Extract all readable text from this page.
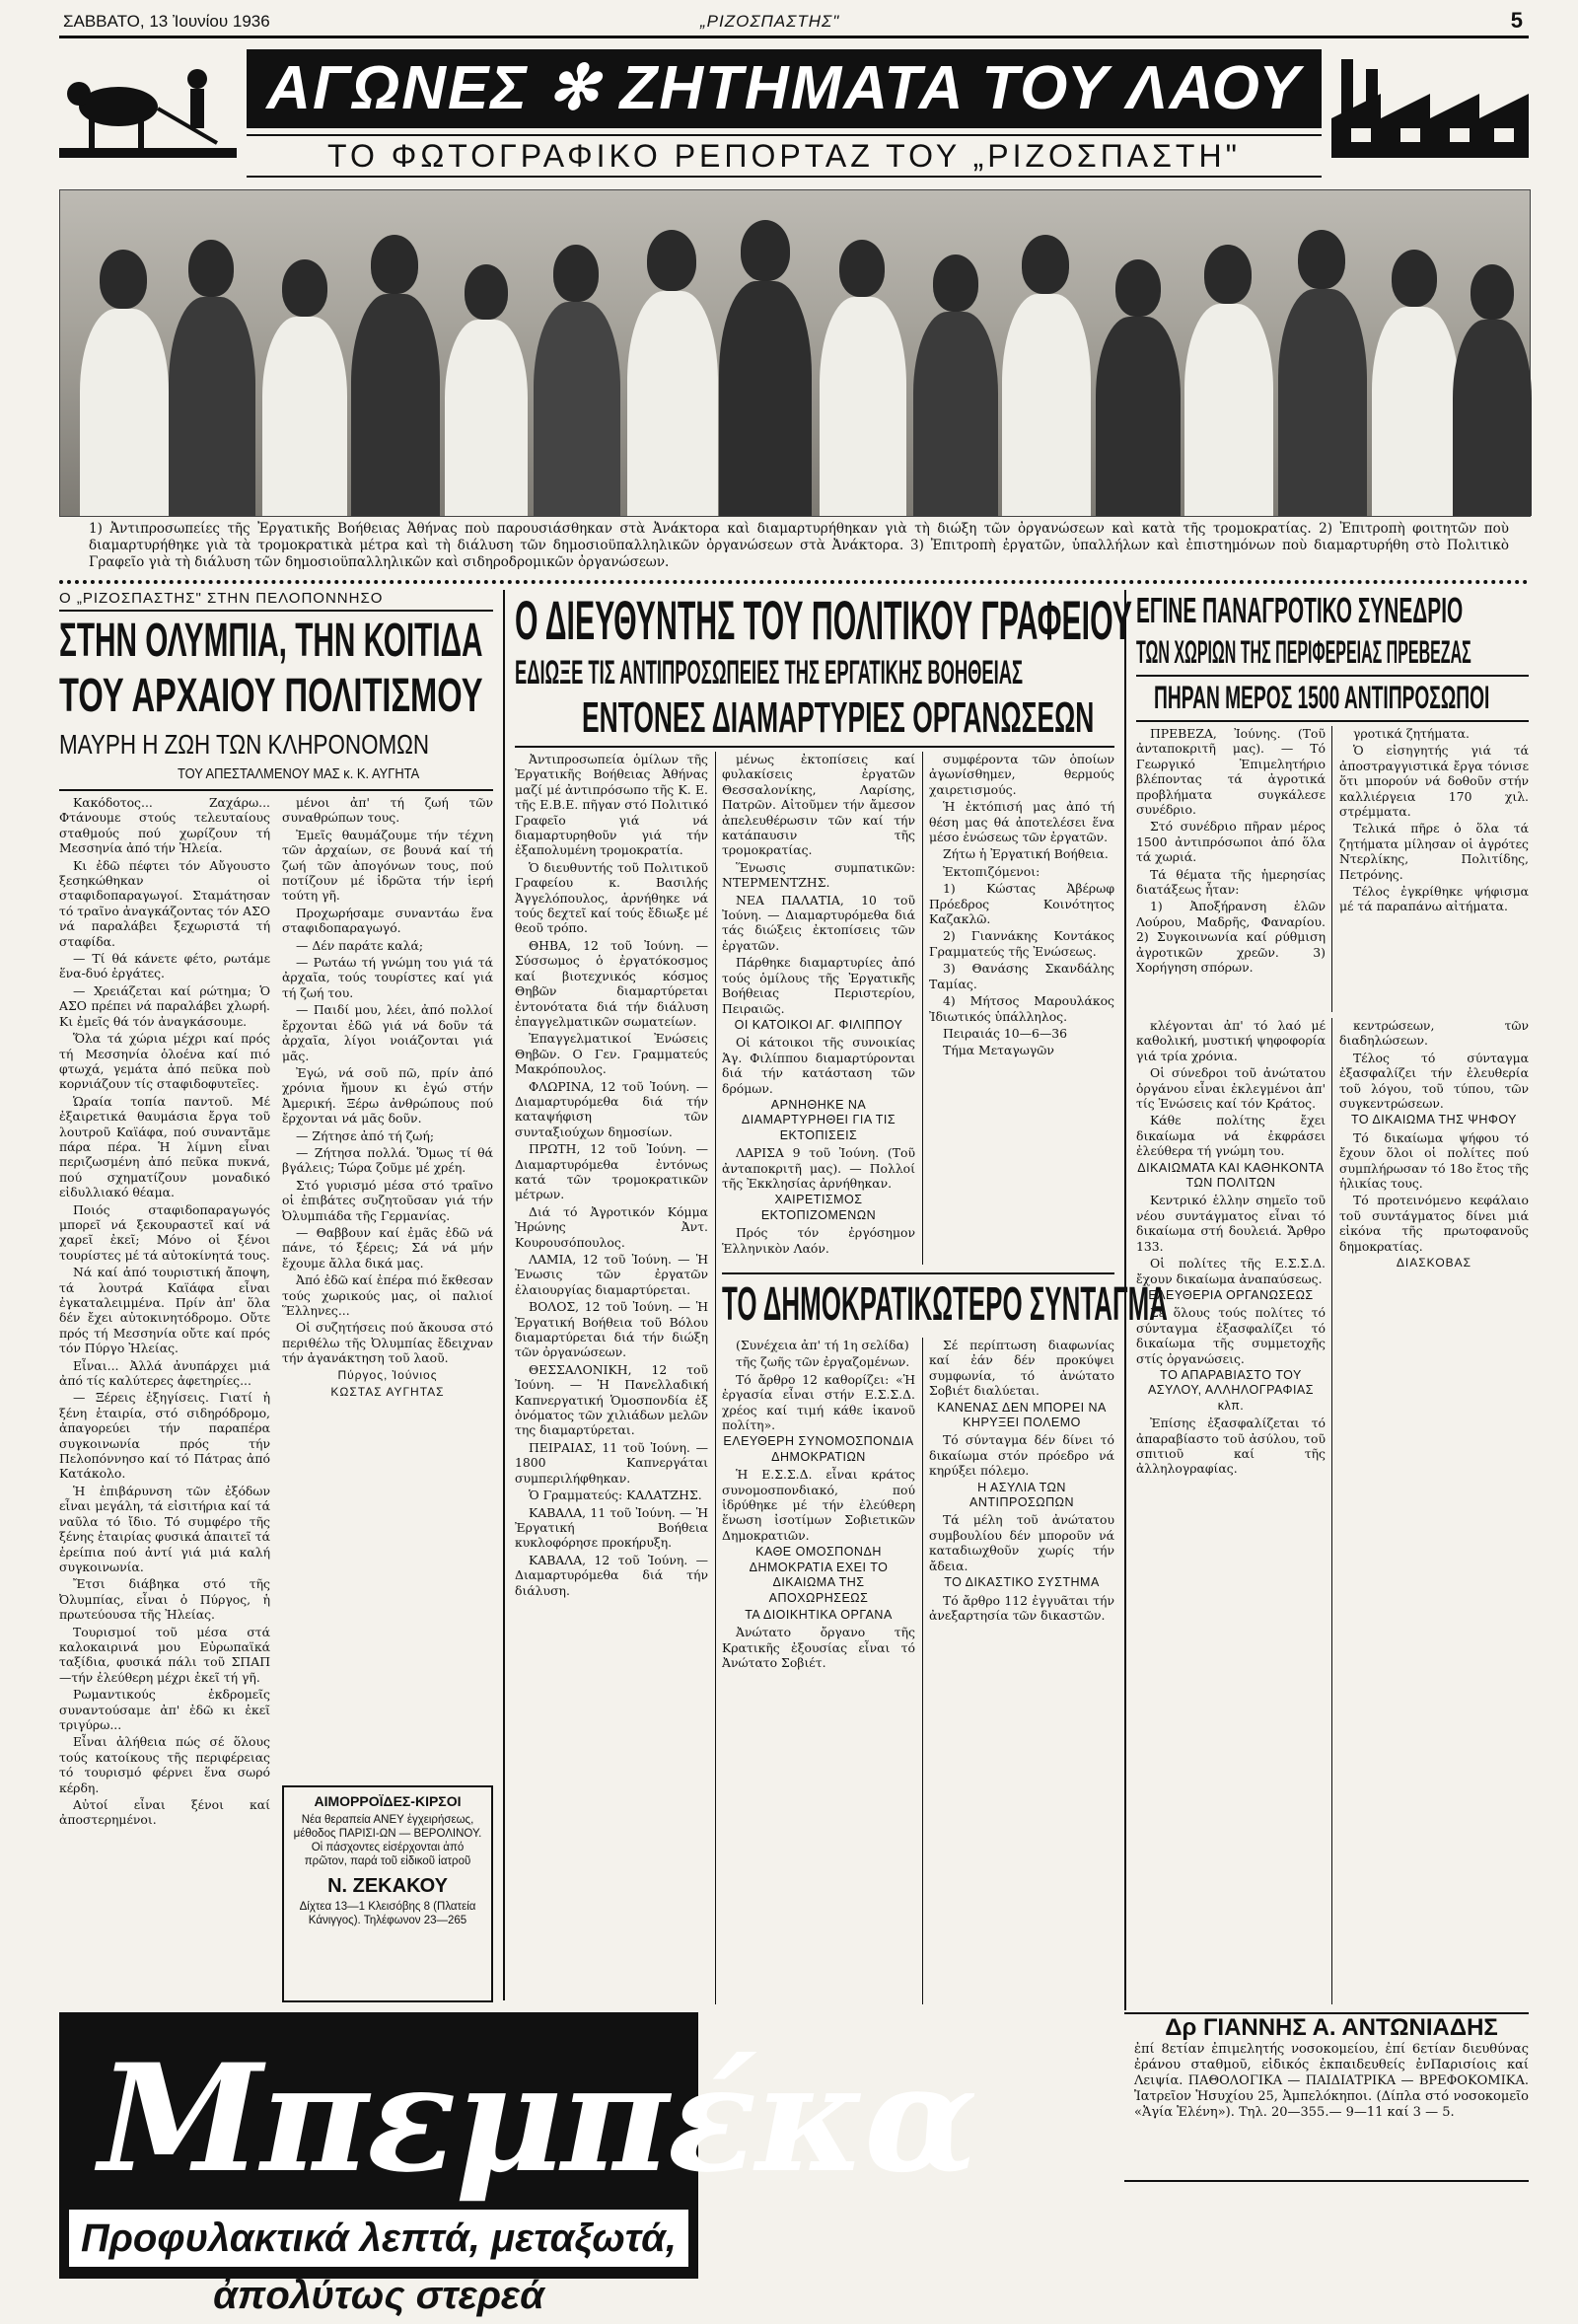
ΣΑΒΒΑΤΟ, 13 Ἰουνίου 1936	„ΡΙΖΟΣΠΑΣΤΗΣ"	5
ΑΓΩΝΕΣ ✻ ΖΗΤΗΜΑΤΑ ΤΟΥ ΛΑΟΥ
ΤΟ ΦΩΤΟΓΡΑΦΙΚΟ ΡΕΠΟΡΤΑΖ ΤΟΥ „ΡΙΖΟΣΠΑΣΤΗ"
1) Ἀντιπροσωπείες τῆς Ἐργατικῆς Βοήθειας Ἀθήνας ποὺ παρουσιάσθηκαν στὰ Ἀνάκτορα καὶ διαμαρτυρήθηκαν γιὰ τὴ διώξη τῶν ὀργανώσεων καὶ κατὰ τῆς τρομοκρατίας. 2) Ἐπιτροπὴ φοιτητῶν ποὺ διαμαρτυρήθηκε γιὰ τὰ τρομοκρατικὰ μέτρα καὶ τὴ διάλυση τῶν δημοσιοϋπαλληλικῶν ὀργανώσεων στὰ Ἀνάκτορα. 3) Ἐπιτροπὴ ἐργατῶν, ὑπαλλήλων καὶ ἐπιστημόνων ποὺ διαμαρτυρήθη στὸ Πολιτικὸ Γραφεῖο γιὰ τὴ διάλυση τῶν δημοσιοϋπαλληλικῶν καὶ σιδηροδρομικῶν ὀργανώσεων.
Ο „ΡΙΖΟΣΠΑΣΤΗΣ" ΣΤΗΝ ΠΕΛΟΠΟΝΝΗΣΟ
ΣΤΗΝ ΟΛΥΜΠΙΑ, ΤΗΝ ΚΟΙΤΙΔΑ
ΤΟΥ ΑΡΧΑΙΟΥ ΠΟΛΙΤΙΣΜΟΥ
ΜΑΥΡΗ Η ΖΩΗ ΤΩΝ ΚΛΗΡΟΝΟΜΩΝ
ΤΟΥ ΑΠΕΣΤΑΛΜΕΝΟΥ ΜΑΣ κ. Κ. ΑΥΓΗΤΑ

Κακόδοτος... Ζαχάρω... Φτάνουμε στούς τελευταίους σταθμούς πού χωρίζουν τή Μεσσηνία ἀπό τήν Ἠλεία.

Κι ἐδῶ πέφτει τόν Αὔγουστο ξεσηκώθηκαν οἱ σταφιδοπαραγωγοί. Σταμάτησαν τό τραῖνο ἀναγκάζοντας τόν ΑΣΟ νά παραλάβει ξεχωριστά τή σταφίδα.

— Τί θά κάνετε φέτο, ρωτάμε ἕνα-δυό ἐργάτες.

— Χρειάζεται καί ρώτημα; Ὁ ΑΣΟ πρέπει νά παραλάβει χλωρή. Κι ἐμεῖς θά τόν ἀναγκάσουμε.

Ὅλα τά χώρια μέχρι καί πρός τή Μεσσηνία ὁλοένα καί πιό φτωχά, γεμάτα ἀπό πεῦκα ποὺ κορνιάζουν τίς σταφιδοφυτεῖες.

Ὡραία τοπία παντοῦ. Μέ ἐξαιρετικά θαυμάσια ἔργα τοῦ λουτροῦ Καϊάφα, πού συναντᾶμε πάρα πέρα. Ἡ λίμνη εἶναι περιζωσμένη ἀπό πεῦκα πυκνά, πού σχηματίζουν μοναδικό εἰδυλλιακό θέαμα.

Ποιός σταφιδοπαραγωγός μπορεῖ νά ξεκουραστεῖ καί νά χαρεῖ ἐκεῖ; Μόνο οἱ ξένοι τουρίστες μέ τά αὐτοκίνητά τους.

Νά καί ἀπό τουριστική ἄποψη, τά λουτρά Καϊάφα εἶναι ἐγκαταλειμμένα. Πρίν ἀπ' ὅλα δέν ἔχει αὐτοκινητόδρομο. Οὔτε πρός τή Μεσσηνία οὔτε καί πρός τόν Πύργο Ἠλείας.

Εἶναι... Ἀλλά ἀνυπάρχει μιά ἀπό τίς καλύτερες ἀφετηρίες...

— Ξέρεις ἐξηγίσεις. Γιατί ἡ ξένη ἑταιρία, στό σιδηρόδρομο, ἀπαγορεύει τήν παραπέρα συγκοινωνία πρός τήν Πελοπόννησο καί τό Πάτρας ἀπό Κατάκολο.

Ἡ ἐπιβάρυνση τῶν ἐξόδων εἶναι μεγάλη, τά εἰσιτήρια καί τά ναῦλα τό ἴδιο. Τό συμφέρο τῆς ξένης ἑταιρίας φυσικά ἀπαιτεῖ τά ἐρείπια πού ἀντί γιά μιά καλή συγκοινωνία.

Ἔτσι διάβηκα στό τῆς Ὀλυμπίας, εἶναι ὁ Πύργος, ἡ πρωτεύουσα τῆς Ἠλείας.

Τουρισμοί τοῦ μέσα στά καλοκαιρινά μου Εὐρωπαϊκά ταξίδια, φυσικά πάλι τοῦ ΣΠΑΠ —τήν ἐλεύθερη μέχρι ἐκεῖ τή γῆ.

Ρωμαντικούς ἐκδρομεῖς συναντούσαμε ἀπ' ἐδῶ κι ἐκεῖ τριγύρω...

Εἶναι ἀλήθεια πώς σέ ὅλους τούς κατοίκους τῆς περιφέρειας τό τουρισμό φέρνει ἕνα σωρό κέρδη.

Αὐτοί εἶναι ξένοι καί ἀποστερημένοι.

μένοι ἀπ' τή ζωή τῶν συναθρώπων τους.

Ἐμεῖς θαυμάζουμε τήν τέχνη τῶν ἀρχαίων, σε βουνά καί τή ζωή τῶν ἀπογόνων τους, πού ποτίζουν μέ ἱδρῶτα τήν ἱερή τούτη γῆ.

Προχωρήσαμε συναντάω ἕνα σταφιδοπαραγωγό.

— Δέν παράτε καλά;

— Ρωτάω τή γνώμη του γιά τά ἀρχαῖα, τούς τουρίστες καί γιά τή ζωή του.

— Παιδί μου, λέει, ἀπό πολλοί ἔρχονται ἐδῶ γιά νά δοῦν τά ἀρχαῖα, λίγοι νοιάζονται γιά μᾶς.

Ἐγώ, νά σοῦ πῶ, πρίν ἀπό χρόνια ἤμουν κι ἐγώ στήν Ἀμερική. Ξέρω ἀνθρώπους πού ἔρχονται νά μᾶς δοῦν.

— Ζήτησε ἀπό τή ζωή;

— Ζήτησα πολλά. Ὅμως τί θά βγάλεις; Τώρα ζοῦμε μέ χρέη.

Στό γυρισμό μέσα στό τραῖνο οἱ ἐπιβάτες συζητοῦσαν γιά τήν Ὀλυμπιάδα τῆς Γερμανίας.

— Θαββουν καί ἐμᾶς ἐδῶ νά πάνε, τό ξέρεις; Σά νά μήν ἔχουμε ἄλλα δικά μας.

Ἀπό ἐδῶ καί ἐπέρα πιό ἔκθεσαν τούς χωρικούς μας, οἱ παλιοί Ἕλληνες...

Οἱ συζητήσεις πού ἄκουσα στό περιθέλω τῆς Ὀλυμπίας ἔδειχναν τήν ἀγανάκτηση τοῦ λαοῦ.

Πύργος, Ἰούνιος

ΚΩΣΤΑΣ ΑΥΓΗΤΑΣ

ΑΙΜΟΡΡΟΪΔΕΣ-ΚΙΡΣΟΙ
Νέα θεραπεία ΑΝΕΥ ἐγχειρήσεως, μέθοδος ΠΑΡΙΣΙ-ΩΝ — ΒΕΡΟΛΙΝΟΥ. Οἱ πάσχοντες εἰσέρχονται ἀπό πρῶτον, παρά τοῦ εἰδικοῦ ἰατροῦ
Ν. ΖΕΚΑΚΟΥ
Δίχτεα 13—1 Κλεισόβης 8 (Πλατεία Κάνιγγος). Τηλέφωνον 23—265
Μπεμπέκα
Προφυλακτικά λεπτά, μεταξωτά, ἀπολύτως στερεά
Ο ΔΙΕΥΘΥΝΤΗΣ ΤΟΥ ΠΟΛΙΤΙΚΟΥ ΓΡΑΦΕΙΟΥ
ΕΔΙΩΞΕ ΤΙΣ ΑΝΤΙΠΡΟΣΩΠΕΙΕΣ ΤΗΣ ΕΡΓΑΤΙΚΗΣ ΒΟΗΘΕΙΑΣ
ΕΝΤΟΝΕΣ ΔΙΑΜΑΡΤΥΡΙΕΣ ΟΡΓΑΝΩΣΕΩΝ

Ἀντιπροσωπεία ὁμίλων τῆς Ἐργατικῆς Βοήθειας Ἀθήνας μαζί μέ ἀντιπρόσωπο τῆς Κ. Ε. τῆς Ε.Β.Ε. πῆγαν στό Πολιτικό Γραφεῖο γιά νά διαμαρτυρηθοῦν γιά τήν ἐξαπολυμένη τρομοκρατία.

Ὁ διευθυντής τοῦ Πολιτικοῦ Γραφείου κ. Βασιλής Ἀγγελόπουλος, ἀρνήθηκε νά τούς δεχτεῖ καί τούς ἔδιωξε μέ θεοῦ τρόπο.

ΘΗΒΑ, 12 τοῦ Ἰούνη. — Σύσσωμος ὁ ἐργατόκοσμος καί βιοτεχνικός κόσμος Θηβῶν διαμαρτύρεται ἐντονότατα διά τήν διάλυση ἐπαγγελματικῶν σωματείων.

Ἐπαγγελματικοί Ἐνώσεις Θηβῶν. Ο Γεν. Γραμματεύς Μακρόπουλος.

ΦΛΩΡΙΝΑ, 12 τοῦ Ἰούνη. — Διαμαρτυρόμεθα διά τήν καταψήφιση τῶν συνταξιούχων δημοσίων.

ΠΡΩΤΗ, 12 τοῦ Ἰούνη. — Διαμαρτυρόμεθα ἐντόνως κατά τῶν τρομοκρατικῶν μέτρων.

Διά τό Ἀγροτικόν Κόμμα Ἠρώνης Ἀντ. Κουρουσόπουλος.

ΛΑΜΙΑ, 12 τοῦ Ἰούνη. — Ἡ Ἐνωσις τῶν ἐργατῶν ἐλαιουργίας διαμαρτύρεται.

ΒΟΛΟΣ, 12 τοῦ Ἰούνη. — Ἡ Ἐργατική Βοήθεια τοῦ Βόλου διαμαρτύρεται διά τήν διώξη τῶν ὀργανώσεων.

ΘΕΣΣΑΛΟΝΙΚΗ, 12 τοῦ Ἰούνη. — Ἡ Πανελλαδική Καπνεργατική Ὁμοσπονδία ἐξ ὀνόματος τῶν χιλιάδων μελῶν της διαμαρτύρεται.

ΠΕΙΡΑΙΑΣ, 11 τοῦ Ἰούνη. — 1800 Καπνεργάται συμπεριλήφθηκαν.

Ὁ Γραμματεύς: ΚΑΛΑΤΖΗΣ.

ΚΑΒΑΛΑ, 11 τοῦ Ἰούνη. — Ἡ Ἐργατική Βοήθεια κυκλοφόρησε προκήρυξη.

ΚΑΒΑΛΑ, 12 τοῦ Ἰούνη. — Διαμαρτυρόμεθα διά τήν διάλυση.

μένως ἐκτοπίσεις καί φυλακίσεις ἐργατῶν Θεσσαλονίκης, Λαρίσης, Πατρῶν. Αἰτοῦμεν τήν ἄμεσον ἀπελευθέρωσιν τῶν καί τήν κατάπαυσιν τῆς τρομοκρατίας.

Ἕνωσις συμπατικῶν: ΝΤΕΡΜΕΝΤΖΗΣ.

ΝΕΑ ΠΑΛΑΤΙΑ, 10 τοῦ Ἰούνη. — Διαμαρτυρόμεθα διά τάς διώξεις ἐκτοπίσεις τῶν ἐργατῶν.

Πάρθηκε διαμαρτυρίες ἀπό τούς ὁμίλους τῆς Ἐργατικῆς Βοήθειας Περιστερίου, Πειραιῶς.

ΟΙ ΚΑΤΟΙΚΟΙ ΑΓ. ΦΙΛΙΠΠΟΥ

Οἱ κάτοικοι τῆς συνοικίας Ἁγ. Φιλίππου διαμαρτύρονται διά τήν κατάσταση τῶν δρόμων.

ΑΡΝΗΘΗΚΕ ΝΑ ΔΙΑΜΑΡΤΥΡΗΘΕΙ ΓΙΑ ΤΙΣ ΕΚΤΟΠΙΣΕΙΣ

ΛΑΡΙΣΑ 9 τοῦ Ἰούνη. (Τοῦ ἀνταποκριτῆ μας). — Πολλοί τῆς Ἐκκλησίας ἀρνήθηκαν.

ΧΑΙΡΕΤΙΣΜΟΣ ΕΚΤΟΠΙΖΟΜΕΝΩΝ

Πρός τόν ἐργόσημον Ἑλληνικὸν Λαόν.

συμφέροντα τῶν ὁποίων ἀγωνίσθημεν, θερμούς χαιρετισμούς.

Ἡ ἐκτόπισή μας ἀπό τή θέση μας θά ἀποτελέσει ἕνα μέσο ἑνώσεως τῶν ἐργατῶν.

Ζήτω ἡ Ἐργατική Βοήθεια.

Ἐκτοπιζόμενοι:

1) Κώστας Ἀβέρωφ Πρόεδρος Κοινότητος Καζακλῶ.

2) Γιαννάκης Κοντάκος Γραμματεύς τῆς Ἐνώσεως.

3) Θανάσης Σκανδάλης Ταμίας.

4) Μήτσος Μαρουλάκος Ἰδιωτικός ὑπάλληλος.

Πειραιάς 10—6—36

Τήμα Μεταγωγῶν

ΤΟ ΔΗΜΟΚΡΑΤΙΚΩΤΕΡΟ ΣΥΝΤΑΓΜΑ

(Συνέχεια ἀπ' τή 1η σελίδα)

τῆς ζωῆς τῶν ἐργαζομένων.

Τό ἄρθρο 12 καθορίζει: «Ἡ ἐργασία εἶναι στήν Ε.Σ.Σ.Δ. χρέος καί τιμή κάθε ἱκανοῦ πολίτη».

ΕΛΕΥΘΕΡΗ ΣΥΝΟΜΟΣΠΟΝΔΙΑ ΔΗΜΟΚΡΑΤΙΩΝ

Ἡ Ε.Σ.Σ.Δ. εἶναι κράτος συνομοσπονδιακό, πού ἱδρύθηκε μέ τήν ἐλεύθερη ἕνωση ἰσοτίμων Σοβιετικῶν Δημοκρατιῶν.

ΚΑΘΕ ΟΜΟΣΠΟΝΔΗ ΔΗΜΟΚΡΑΤΙΑ ΕΧΕΙ ΤΟ ΔΙΚΑΙΩΜΑ ΤΗΣ ΑΠΟΧΩΡΗΣΕΩΣ

ΤΑ ΔΙΟΙΚΗΤΙΚΑ ΟΡΓΑΝΑ

Ἀνώτατο ὄργανο τῆς Κρατικῆς ἐξουσίας εἶναι τό Ἀνώτατο Σοβιέτ.

Σέ περίπτωση διαφωνίας καί ἐάν δέν προκύψει συμφωνία, τό ἀνώτατο Σοβιέτ διαλύεται.

ΚΑΝΕΝΑΣ ΔΕΝ ΜΠΟΡΕΙ ΝΑ ΚΗΡΥΞΕΙ ΠΟΛΕΜΟ

Τό σύνταγμα δέν δίνει τό δικαίωμα στόν πρόεδρο νά κηρύξει πόλεμο.

Η ΑΣΥΛΙΑ ΤΩΝ ΑΝΤΙΠΡΟΣΩΠΩΝ

Τά μέλη τοῦ ἀνώτατου συμβουλίου δέν μποροῦν νά καταδιωχθοῦν χωρίς τήν ἄδεια.

ΤΟ ΔΙΚΑΣΤΙΚΟ ΣΥΣΤΗΜΑ

Τό ἄρθρο 112 ἐγγυᾶται τήν ἀνεξαρτησία τῶν δικαστῶν.

ΕΓΙΝΕ ΠΑΝΑΓΡΟΤΙΚΟ ΣΥΝΕΔΡΙΟ
ΤΩΝ ΧΩΡΙΩΝ ΤΗΣ ΠΕΡΙΦΕΡΕΙΑΣ ΠΡΕΒΕΖΑΣ
ΠΗΡΑΝ ΜΕΡΟΣ 1500 ΑΝΤΙΠΡΟΣΩΠΟΙ

ΠΡΕΒΕΖΑ, Ἰούνης. (Τοῦ ἀνταποκριτῆ μας). — Τό Γεωργικό Ἐπιμελητήριο βλέποντας τά ἀγροτικά προβλήματα συγκάλεσε συνέδριο.

Στό συνέδριο πῆραν μέρος 1500 ἀντιπρόσωποι ἀπό ὅλα τά χωριά.

Τά θέματα τῆς ἡμερησίας διατάξεως ἦταν:

1) Ἀποξήρανση ἑλῶν Λούρου, Μαδρῆς, Φαναρίου. 2) Συγκοινωνία καί ρύθμιση ἀγροτικῶν χρεῶν. 3) Χορήγηση σπόρων.

γροτικά ζητήματα.

Ὁ εἰσηγητής γιά τά ἀποστραγγιστικά ἔργα τόνισε ὅτι μπορούν νά δοθοῦν στήν καλλιέργεια 170 χιλ. στρέμματα.

Τελικά πῆρε ὁ ὅλα τά ζητήματα μίλησαν οἱ ἀγρότες Ντερλίκης, Πολιτίδης, Πετρόνης.

Τέλος ἐγκρίθηκε ψήφισμα μέ τά παραπάνω αἰτήματα.

κλέγονται ἀπ' τό λαό μέ καθολική, μυστική ψηφοφορία γιά τρία χρόνια.

Οἱ σύνεδροι τοῦ ἀνώτατου ὀργάνου εἶναι ἐκλεγμένοι ἀπ' τίς Ἑνώσεις καί τόν Κράτος.

Κάθε πολίτης ἔχει δικαίωμα νά ἐκφράσει ἐλεύθερα τή γνώμη του.

ΔΙΚΑΙΩΜΑΤΑ ΚΑΙ ΚΑΘΗΚΟΝΤΑ ΤΩΝ ΠΟΛΙΤΩΝ

Κεντρικό ἑλλην σημεῖο τοῦ νέου συντάγματος εἶναι τό δικαίωμα στή δουλειά. Ἄρθρο 133.

Οἱ πολίτες τῆς Ε.Σ.Σ.Δ. ἔχουν δικαίωμα ἀναπαύσεως.

ΕΛΕΥΘΕΡΙΑ ΟΡΓΑΝΩΣΕΩΣ

Σέ ὅλους τούς πολίτες τό σύνταγμα ἐξασφαλίζει τό δικαίωμα τῆς συμμετοχῆς στίς ὀργανώσεις.

ΤΟ ΑΠΑΡΑΒΙΑΣΤΟ ΤΟΥ ΑΣΥΛΟΥ, ΑΛΛΗΛΟΓΡΑΦΙΑΣ κλπ.

Ἐπίσης ἐξασφαλίζεται τό ἀπαραβίαστο τοῦ ἀσύλου, τοῦ σπιτιοῦ καί τῆς ἀλληλογραφίας.

κεντρώσεων, τῶν διαδηλώσεων.

Τέλος τό σύνταγμα ἐξασφαλίζει τήν ἐλευθερία τοῦ λόγου, τοῦ τύπου, τῶν συγκεντρώσεων.

ΤΟ ΔΙΚΑΙΩΜΑ ΤΗΣ ΨΗΦΟΥ

Τό δικαίωμα ψήφου τό ἔχουν ὅλοι οἱ πολίτες πού συμπλήρωσαν τό 18ο ἔτος τῆς ἡλικίας τους.

Τό προτεινόμενο κεφάλαιο τοῦ συντάγματος δίνει μιά εἰκόνα τῆς πρωτοφανοῦς δημοκρατίας.

ΔΙΑΣΚΟΒΑΣ

Δρ ΓΙΑΝΝΗΣ Α. ΑΝΤΩΝΙΑΔΗΣ
ἐπί 8ετίαν ἐπιμελητής νοσοκομείου, ἐπί 6ετίαν διευθύνας ἐράνου σταθμοῦ, εἰδικός ἐκπαιδευθείς ἐνΠαρισίοις καί Λειψία. ΠΑΘΟΛΟΓΙΚΑ — ΠΑΙΔΙΑΤΡΙΚΑ — ΒΡΕΦΟΚΟΜΙΚΑ. Ἰατρεῖον Ἡσυχίου 25, Ἀμπελόκηποι. (Δίπλα στό νοσοκομεῖο «Ἁγία Ἑλένη»). Τηλ. 20—355.— 9—11 καί 3 — 5.
